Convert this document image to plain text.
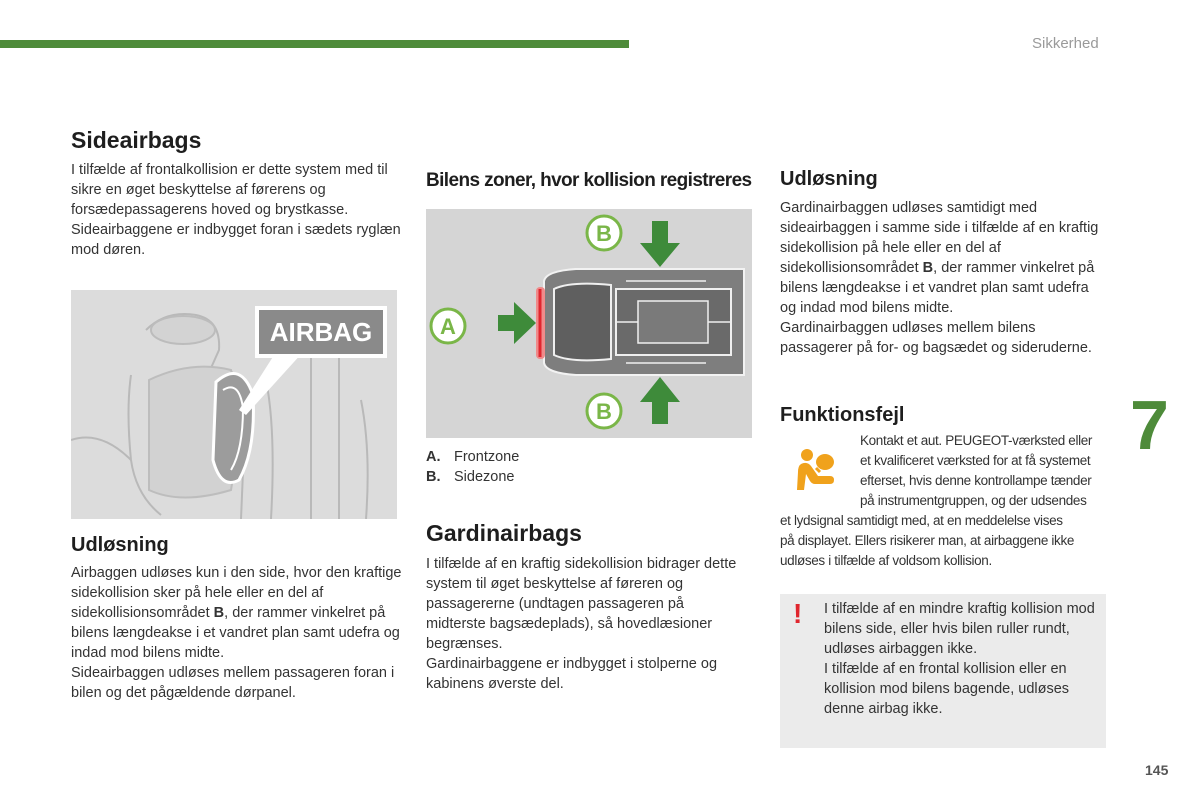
Sikkerhed
Sideairbags
I tilfælde af frontalkollision er dette system med til sikre en øget beskyttelse af førerens og forsædepassagerens hoved og brystkasse. Sideairbaggene er indbygget foran i sædets ryglæn mod døren.
AIRBAG
Udløsning

Airbaggen udløses kun i den side, hvor den kraftige sidekollision sker på hele eller en del af sidekollisionsområdet B, der rammer vinkelret på bilens længdeakse i et vandret plan samt udefra og indad mod bilens midte.

Sideairbaggen udløses mellem passageren foran i bilen og det pågældende dørpanel.

Bilens zoner, hvor kollision registreres
A
B
B
A. Frontzone
B. Sidezone
Gardinairbags

I tilfælde af en kraftig sidekollision bidrager dette system til øget beskyttelse af føreren og passagererne (undtagen passageren på midterste bagsædeplads), så hovedlæsioner begrænses.

Gardinairbaggene er indbygget i stolperne og kabinens øverste del.

Udløsning

Gardinairbaggen udløses samtidigt med sideairbaggen i samme side i tilfælde af en kraftig sidekollision på hele eller en del af sidekollisionsområdet B, der rammer vinkelret på bilens længdeakse i et vandret plan samt udefra og indad mod bilens midte.

Gardinairbaggen udløses mellem bilens passagerer på for- og bagsædet og sideruderne.

Funktionsfejl
Kontakt et aut. PEUGEOT-værksted eller
et kvalificeret værksted for at få systemet
efterset, hvis denne kontrollampe tænder
på instrumentgruppen, og der udsendes
et lydsignal samtidigt med, at en meddelelse vises
på displayet. Ellers risikerer man, at airbaggene ikke
udløses i tilfælde af voldsom kollision.
! I tilfælde af en mindre kraftig kollision mod bilens side, eller hvis bilen ruller rundt, udløses airbaggen ikke.

I tilfælde af en frontal kollision eller en kollision mod bilens bagende, udløses denne airbag ikke.

7
145
